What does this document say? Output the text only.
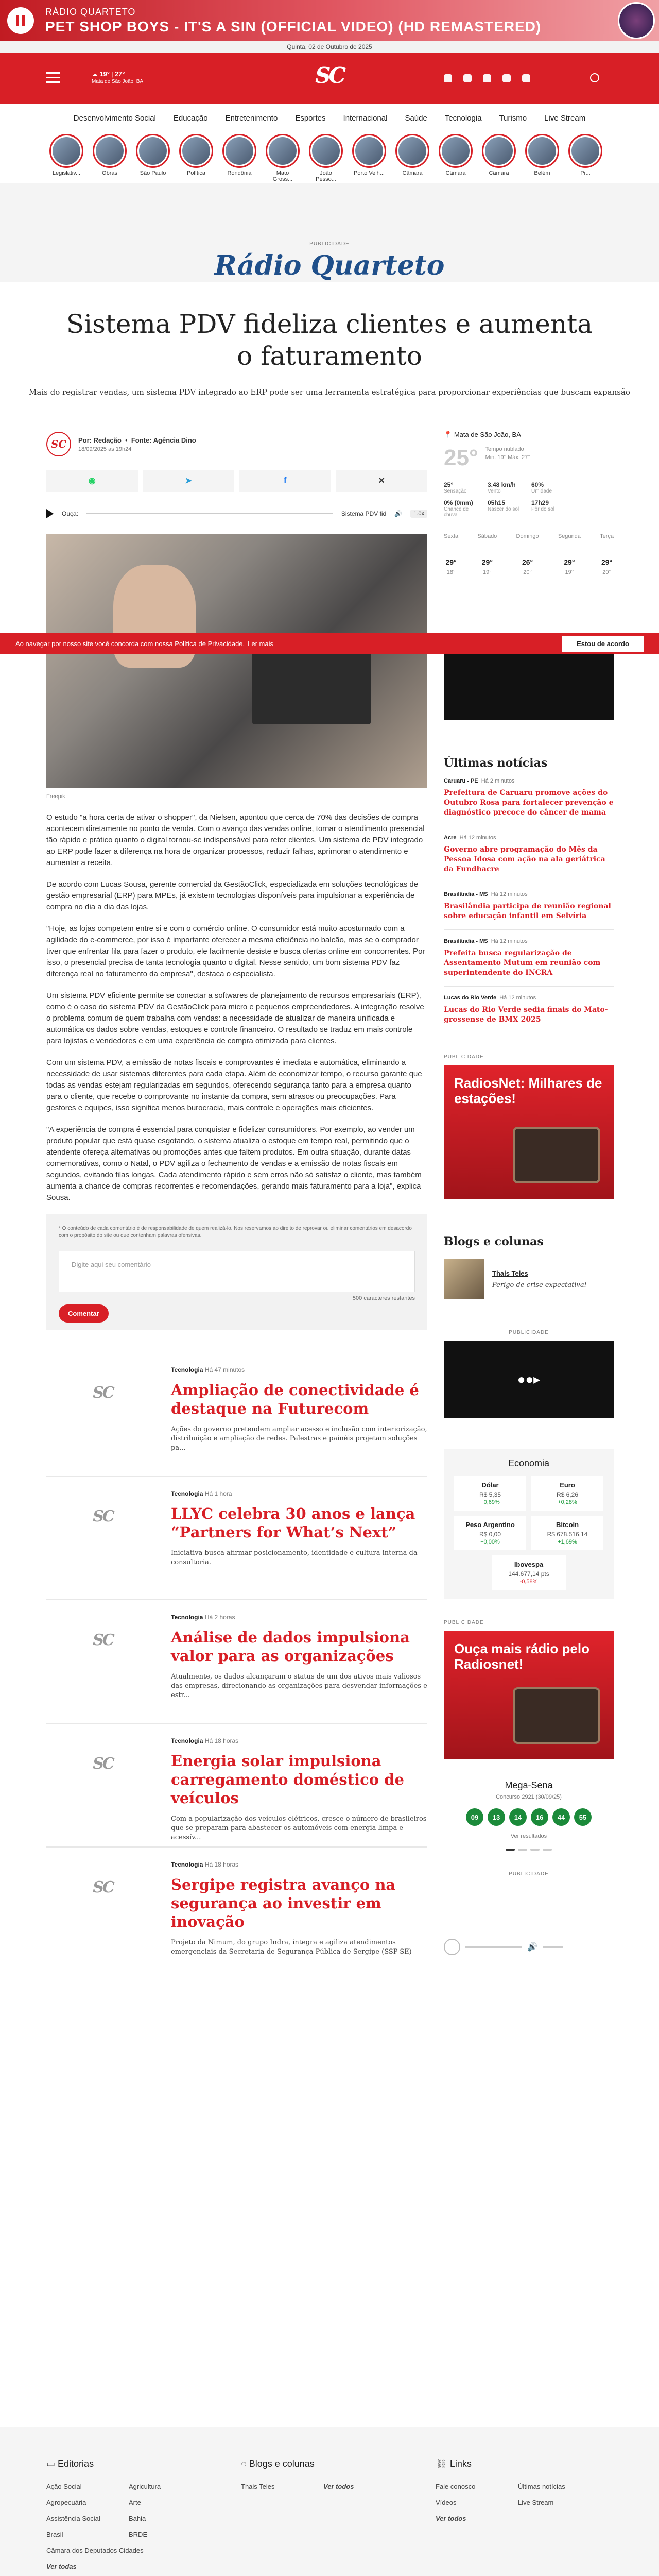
RÁDIO QUARTETO
PET SHOP BOYS - IT'S A SIN (OFFICIAL VIDEO) (HD REMASTERED)
Quinta, 02 de Outubro de 2025
☁ 19° | 27°
Mata de São João, BA	SC
Desenvolvimento Social	Educação	Entretenimento	Esportes	Internacional	Saúde	Tecnologia	Turismo	Live Stream
Legislativ...	Obras	São Paulo	Política	Rondônia	Mato Gross...
João Pesso...
Porto Velh...	Câmara	Câmara	Câmara	Belém	Pr...
PUBLICIDADE
Rádio Quarteto
Sistema PDV fideliza clientes e aumenta o faturamento
Mais do registrar vendas, um sistema PDV integrado ao ERP pode ser uma ferramenta estratégica para proporcionar experiências que buscam expansão
SC	Por: Redação  •  Fonte: Agência Dino
18/09/2025 às 19h24
◉	➤	f	✕
Ouça:	Sistema PDV fid 🔊	1.0x
Freepik

O estudo "a hora certa de ativar o shopper", da Nielsen, apontou que cerca de 70% das decisões de compra acontecem diretamente no ponto de venda. Com o avanço das vendas online, tornar o atendimento presencial tão rápido e prático quanto o digital tornou-se indispensável para reter clientes. Um sistema de PDV integrado ao ERP pode fazer a diferença na hora de organizar processos, reduzir falhas, aprimorar o atendimento e aumentar a receita.

De acordo com Lucas Sousa, gerente comercial da GestãoClick, especializada em soluções tecnológicas de gestão empresarial (ERP) para MPEs, já existem tecnologias disponíveis para impulsionar a experiência de compra no dia a dia das lojas.

"Hoje, as lojas competem entre si e com o comércio online. O consumidor está muito acostumado com a agilidade do e-commerce, por isso é importante oferecer a mesma eficiência no balcão, mas se o comprador tiver que enfrentar fila para fazer o produto, ele facilmente desiste e busca ofertas online em concorrentes. Por isso, o presencial precisa de tanta tecnologia quanto o digital. Nesse sentido, um bom sistema PDV faz diferença real no faturamento da empresa", destaca o especialista.

Um sistema PDV eficiente permite se conectar a softwares de planejamento de recursos empresariais (ERP), como é o caso do sistema PDV da GestãoClick para micro e pequenos empreendedores. A integração resolve o problema comum de quem trabalha com vendas: a necessidade de atualizar de maneira unificada e automática os dados sobre vendas, estoques e controle financeiro. O resultado se traduz em mais controle para lojistas e vendedores e em uma experiência de compra otimizada para clientes.

Com um sistema PDV, a emissão de notas fiscais e comprovantes é imediata e automática, eliminando a necessidade de usar sistemas diferentes para cada etapa. Além de economizar tempo, o recurso garante que todas as vendas estejam regularizadas em segundos, oferecendo segurança tanto para a empresa quanto para o cliente, que recebe o comprovante no instante da compra, sem atrasos ou preocupações. Para gestores e equipes, isso significa menos burocracia, mais controle e operações mais eficientes.

"A experiência de compra é essencial para conquistar e fidelizar consumidores. Por exemplo, ao vender um produto popular que está quase esgotando, o sistema atualiza o estoque em tempo real, permitindo que o atendente ofereça alternativas ou promoções antes que faltem produtos. Em outra situação, durante datas comemorativas, como o Natal, o PDV agiliza o fechamento de vendas e a emissão de notas fiscais em segundos, evitando filas longas. Cada atendimento rápido e sem erros não só satisfaz o cliente, mas também aumenta a chance de compras recorrentes e recomendações, gerando mais faturamento para a loja", explica Sousa.

* O conteúdo de cada comentário é de responsabilidade de quem realizá-lo. Nos reservamos ao direito de reprovar ou eliminar comentários em desacordo com o propósito do site ou que contenham palavras ofensivas.
Digite aqui seu comentário
500 caracteres restantes
Comentar
SC
Tecnologia Há 47 minutos
Ampliação de conectividade é destaque na Futurecom
Ações do governo pretendem ampliar acesso e inclusão com interiorização, distribuição e ampliação de redes. Palestras e painéis projetam soluções pa...
SC
Tecnologia Há 1 hora
LLYC celebra 30 anos e lança “Partners for What’s Next”
Iniciativa busca afirmar posicionamento, identidade e cultura interna da consultoria.
SC
Tecnologia Há 2 horas
Análise de dados impulsiona valor para as organizações
Atualmente, os dados alcançaram o status de um dos ativos mais valiosos das empresas, direcionando as organizações para desvendar informações e estr...
SC
Tecnologia Há 18 horas
Energia solar impulsiona carregamento doméstico de veículos
Com a popularização dos veículos elétricos, cresce o número de brasileiros que se preparam para abastecer os automóveis com energia limpa e acessív...
SC
Tecnologia Há 18 horas
Sergipe registra avanço na segurança ao investir em inovação
Projeto da Nimum, do grupo Indra, integra e agiliza atendimentos emergenciais da Secretaria de Segurança Pública de Sergipe (SSP-SE)
📍 Mata de São João, BA
25° Tempo nublado
Min. 19° Máx. 27°
25°
Sensação
3.48 km/h
Vento
60%
Umidade
0% (0mm)
Chance de chuva
05h15
Nascer do sol
17h29
Pôr do sol
Sexta
29°
18°
Sábado
29°
19°
Domingo
26°
20°
Segunda
29°
19°
Terça
29°
20°
Últimas notícias
Caruaru - PE Há 2 minutos
Prefeitura de Caruaru promove ações do Outubro Rosa para fortalecer prevenção e diagnóstico precoce do câncer de mama
Acre Há 12 minutos
Governo abre programação do Mês da Pessoa Idosa com ação na ala geriátrica da Fundhacre
Brasilândia - MS Há 12 minutos
Brasilândia participa de reunião regional sobre educação infantil em Selvíria
Brasilândia - MS Há 12 minutos
Prefeita busca regularização de Assentamento Mutum em reunião com superintendente do INCRA
Lucas do Rio Verde Há 12 minutos
Lucas do Rio Verde sedia finais do Mato-grossense de BMX 2025
PUBLICIDADE
RadiosNet: Milhares de estações!
Blogs e colunas
Thais Teles

Perigo de crise expectativa!

PUBLICIDADE
●●▸
Economia
Dólar
R$ 5,35
+0,69%
Euro
R$ 6,26
+0,28%
Peso Argentino
R$ 0,00
+0,00%
Bitcoin
R$ 678.516,14
+1,69%
Ibovespa
144.677,14 pts
-0,58%
PUBLICIDADE
Ouça mais rádio pelo Radiosnet!
Mega-Sena
Concurso 2921 (30/09/25)
09	13	14	16	44	55
Ver resultados
PUBLICIDADE
🔊
Ao navegar por nosso site você concorda com nossa Política de Privacidade. Ler mais	Estou de acordo
▭ Editorias
Ação Social	Agricultura
Agropecuária	Arte
Assistência Social	Bahia
Brasil	BRDE
Câmara dos Deputados Cidades
Ver todas
◌ Blogs e colunas
Thais Teles	Ver todos
⛓ Links
Fale conosco	Últimas notícias
Vídeos	Live Stream
Ver todos
